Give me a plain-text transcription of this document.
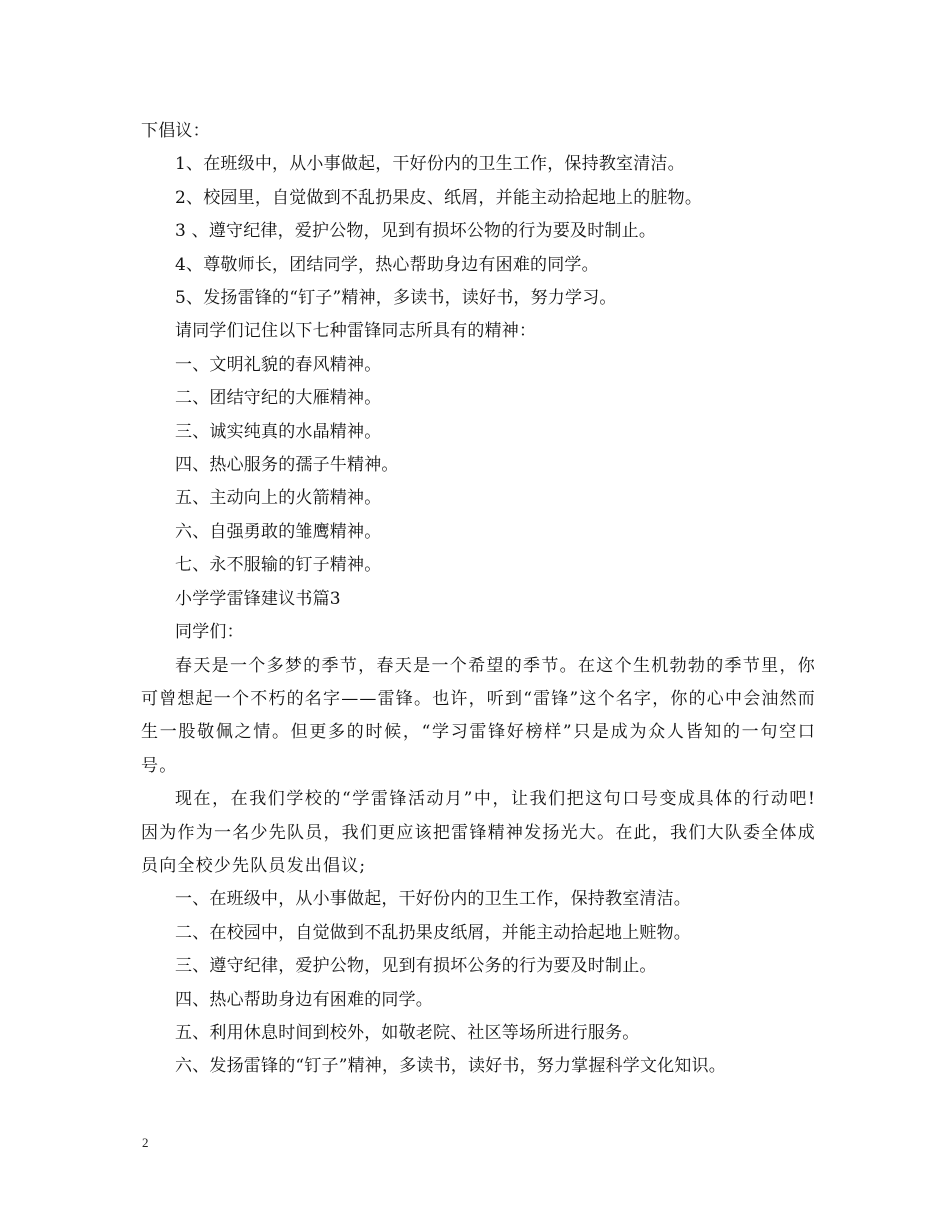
下倡议：
1、在班级中，从小事做起，干好份内的卫生工作，保持教室清洁。
2、校园里，自觉做到不乱扔果皮、纸屑，并能主动拾起地上的脏物。
3 、遵守纪律，爱护公物，见到有损坏公物的行为要及时制止。
4、尊敬师长，团结同学，热心帮助身边有困难的同学。
5、发扬雷锋的“钉子”精神，多读书，读好书，努力学习。
请同学们记住以下七种雷锋同志所具有的精神：
一、文明礼貌的春风精神。
二、团结守纪的大雁精神。
三、诚实纯真的水晶精神。
四、热心服务的孺子牛精神。
五、主动向上的火箭精神。
六、自强勇敢的雏鹰精神。
七、永不服输的钉子精神。
小学学雷锋建议书篇3
同学们：

春天是一个多梦的季节，春天是一个希望的季节。在这个生机勃勃的季节里，你可曾想起一个不朽的名字——雷锋。也许，听到“雷锋”这个名字，你的心中会油然而生一股敬佩之情。但更多的时候，“学习雷锋好榜样”只是成为众人皆知的一句空口号。

现在，在我们学校的“学雷锋活动月”中，让我们把这句口号变成具体的行动吧!因为作为一名少先队员，我们更应该把雷锋精神发扬光大。在此，我们大队委全体成员向全校少先队员发出倡议;

一、在班级中，从小事做起，干好份内的卫生工作，保持教室清洁。
二、在校园中，自觉做到不乱扔果皮纸屑，并能主动拾起地上赃物。
三、遵守纪律，爱护公物，见到有损坏公务的行为要及时制止。
四、热心帮助身边有困难的同学。
五、利用休息时间到校外，如敬老院、社区等场所进行服务。
六、发扬雷锋的“钉子”精神，多读书，读好书，努力掌握科学文化知识。
2
